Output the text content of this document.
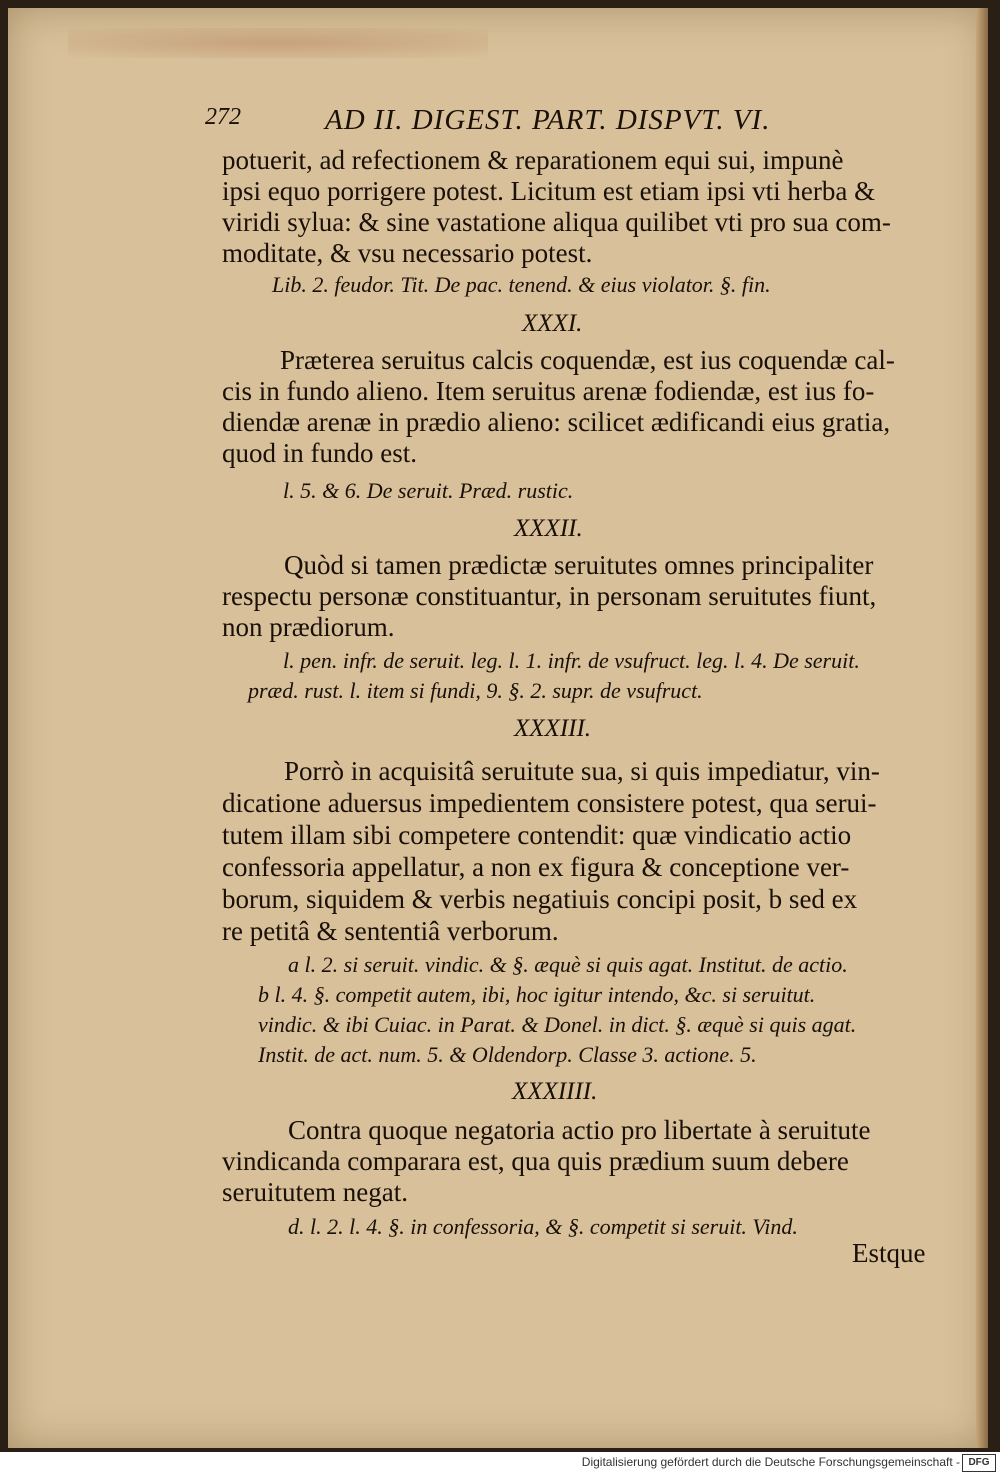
272	AD II. DIGEST. PART. DISPVT. VI.
potuerit, ad refectionem & reparationem equi sui, impunè
ipsi equo porrigere potest. Licitum est etiam ipsi vti herba &
viridi sylua: & sine vastatione aliqua quilibet vti pro sua com-
moditate, & vsu necessario potest.
Lib. 2. feudor. Tit. De pac. tenend. & eius violator. §. fin.
XXXI.
Præterea seruitus calcis coquendæ, est ius coquendæ cal-
cis in fundo alieno. Item seruitus arenæ fodiendæ, est ius fo-
diendæ arenæ in prædio alieno: scilicet ædificandi eius gratia,
quod in fundo est.
l. 5. & 6. De seruit. Præd. rustic.
XXXII.
Quòd si tamen prædictæ seruitutes omnes principaliter
respectu personæ constituantur, in personam seruitutes fiunt,
non prædiorum.
l. pen. infr. de seruit. leg. l. 1. infr. de vsufruct. leg. l. 4. De seruit.
præd. rust. l. item si fundi, 9. §. 2. supr. de vsufruct.
XXXIII.
Porrò in acquisitâ seruitute sua, si quis impediatur, vin-
dicatione aduersus impedientem consistere potest, qua serui-
tutem illam sibi competere contendit: quæ vindicatio actio
confessoria appellatur, a non ex figura & conceptione ver-
borum, siquidem & verbis negatiuis concipi posit, b sed ex
re petitâ & sententiâ verborum.
a l. 2. si seruit. vindic. & §. æquè si quis agat. Institut. de actio.
b l. 4. §. competit autem, ibi, hoc igitur intendo, &c. si seruitut.
vindic. & ibi Cuiac. in Parat. & Donel. in dict. §. æquè si quis agat.
Instit. de act. num. 5. & Oldendorp. Classe 3. actione. 5.
XXXIIII.
Contra quoque negatoria actio pro libertate à seruitute
vindicanda comparara est, qua quis prædium suum debere
seruitutem negat.
d. l. 2. l. 4. §. in confessoria, & §. competit si seruit. Vind.
Estque
Digitalisierung gefördert durch die Deutsche Forschungsgemeinschaft - DFG
